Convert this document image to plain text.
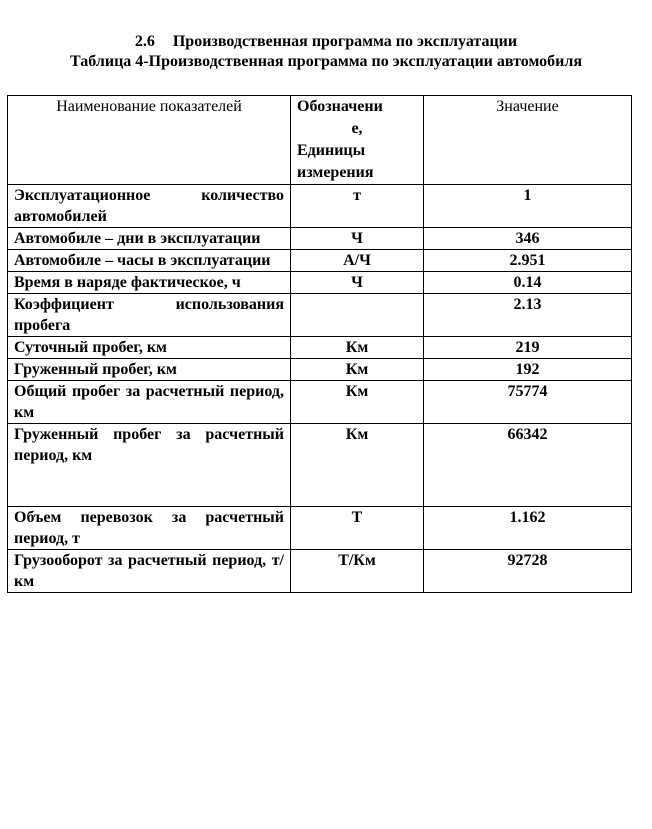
2.6 Производственная программа по эксплуатации
Таблица 4-Производственная программа по эксплуатации автомобиля
Наименование показателей	Обозначени
е,
Единицы
измерения	Значение
Эксплуатационное количество автомобилей	т	1
Автомобиле – дни в эксплуатации	Ч	346
Автомобиле – часы в эксплуатации	А/Ч	2.951
Время в наряде фактическое, ч	Ч	0.14
Коэффициент использования пробега		2.13
Суточный пробег, км	Км	219
Груженный пробег, км	Км	192
Общий пробег за расчетный период, км	Км	75774
Груженный пробег за расчетный период, км	Км	66342
Объем перевозок за расчетный период, т	Т	1.162
Грузооборот за расчетный период, т/км	Т/Км	92728
